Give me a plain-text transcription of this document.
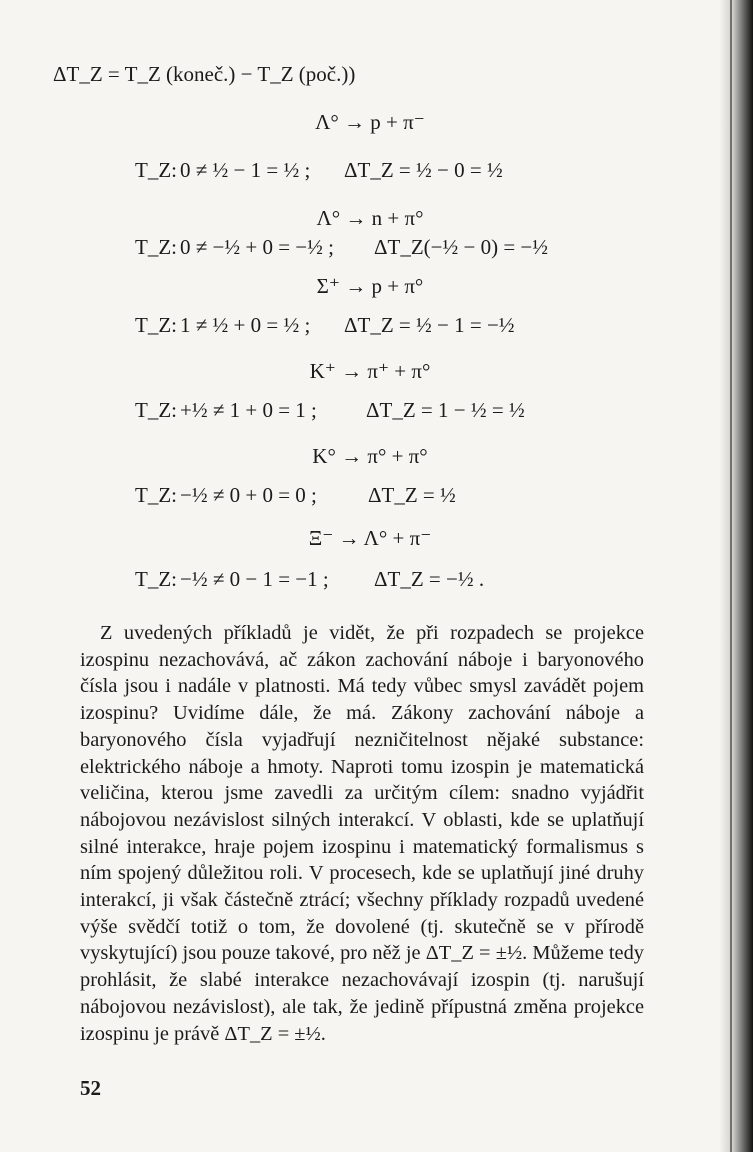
ΔT_Z = T_Z (koneč.) − T_Z (poč.))
Λ° → p + π⁻
T_Z: 0 ≠ ½ − 1 = ½ ; ΔT_Z = ½ − 0 = ½
Λ° → n + π°
T_Z: 0 ≠ −½ + 0 = −½ ; ΔT_Z(−½ − 0) = −½
Σ⁺ → p + π°
T_Z: 1 ≠ ½ + 0 = ½ ; ΔT_Z = ½ − 1 = −½
K⁺ → π⁺ + π°
T_Z: +½ ≠ 1 + 0 = 1 ; ΔT_Z = 1 − ½ = ½
K° → π° + π°
T_Z: −½ ≠ 0 + 0 = 0 ; ΔT_Z = ½
Ξ⁻ → Λ° + π⁻
T_Z: −½ ≠ 0 − 1 = −1 ; ΔT_Z = −½ .

Z uvedených příkladů je vidět, že při rozpadech se projekce izospinu nezachovává, ač zákon zachování náboje i baryonového čísla jsou i nadále v platnosti. Má tedy vůbec smysl zavádět pojem izospinu? Uvidíme dále, že má. Zákony zachování náboje a baryonového čísla vyjadřují nezničitelnost nějaké substance: elektrického náboje a hmoty. Naproti tomu izospin je matematická veličina, kterou jsme zavedli za určitým cílem: snadno vyjádřit nábojovou nezávislost silných interakcí. V oblasti, kde se uplatňují silné interakce, hraje pojem izospinu i matematický formalismus s ním spojený důležitou roli. V procesech, kde se uplatňují jiné druhy interakcí, ji však částečně ztrácí; všechny příklady rozpadů uvedené výše svědčí totiž o tom, že dovolené (tj. skutečně se v přírodě vyskytující) jsou pouze takové, pro něž je ΔT_Z = ±½. Můžeme tedy prohlásit, že slabé interakce nezachovávají izospin (tj. narušují nábojovou nezávislost), ale tak, že jedině přípustná změna projekce izospinu je právě ΔT_Z = ±½.

52
